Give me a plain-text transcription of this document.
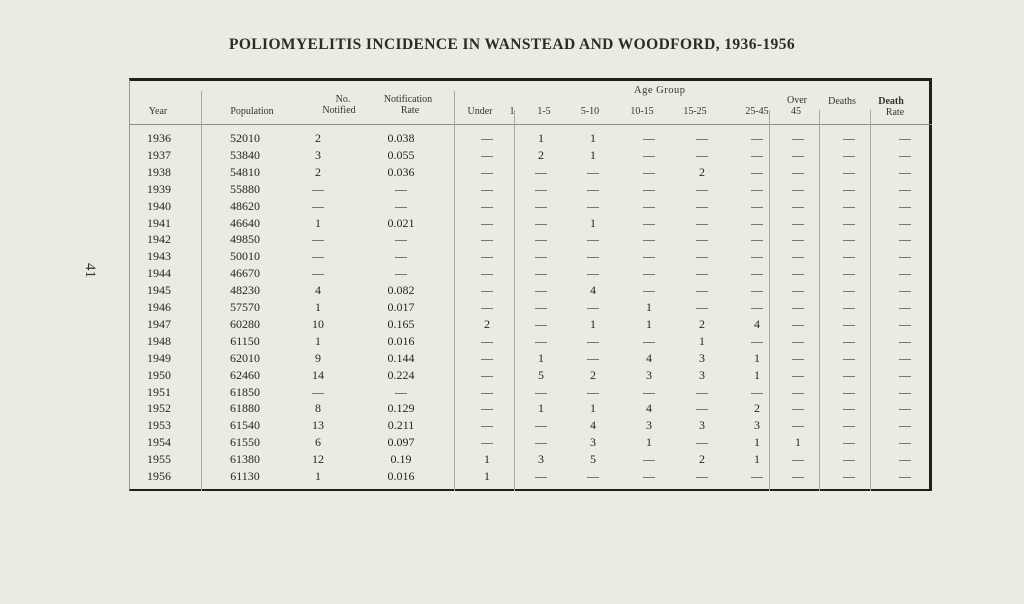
POLIOMYELITIS INCIDENCE IN WANSTEAD AND WOODFORD, 1936-1956
41
Age Group
Year	Population
No.
Notified
Notification
Rate	Under	1	1-5	5-10	10-15	15-25	25-45
Over
45
Deaths	Death
Rate
1936	52010	2	0.038	—	1	1	—	—	—	—	—	—
1937	53840	3	0.055	—	2	1	—	—	—	—	—	—
1938	54810	2	0.036	—	—	—	—	2	—	—	—	—
1939	55880	—	—	—	—	—	—	—	—	—	—	—
1940	48620	—	—	—	—	—	—	—	—	—	—	—
1941	46640	1	0.021	—	—	1	—	—	—	—	—	—
1942	49850	—	—	—	—	—	—	—	—	—	—	—
1943	50010	—	—	—	—	—	—	—	—	—	—	—
1944	46670	—	—	—	—	—	—	—	—	—	—	—
1945	48230	4	0.082	—	—	4	—	—	—	—	—	—
1946	57570	1	0.017	—	—	—	1	—	—	—	—	—
1947	60280	10	0.165	2	—	1	1	2	4	—	—	—
1948	61150	1	0.016	—	—	—	—	1	—	—	—	—
1949	62010	9	0.144	—	1	—	4	3	1	—	—	—
1950	62460	14	0.224	—	5	2	3	3	1	—	—	—
1951	61850	—	—	—	—	—	—	—	—	—	—	—
1952	61880	8	0.129	—	1	1	4	—	2	—	—	—
1953	61540	13	0.211	—	—	4	3	3	3	—	—	—
1954	61550	6	0.097	—	—	3	1	—	1	1	—	—
1955	61380	12	0.19	1	3	5	—	2	1	—	—	—
1956	61130	1	0.016	1	—	—	—	—	—	—	—	—
